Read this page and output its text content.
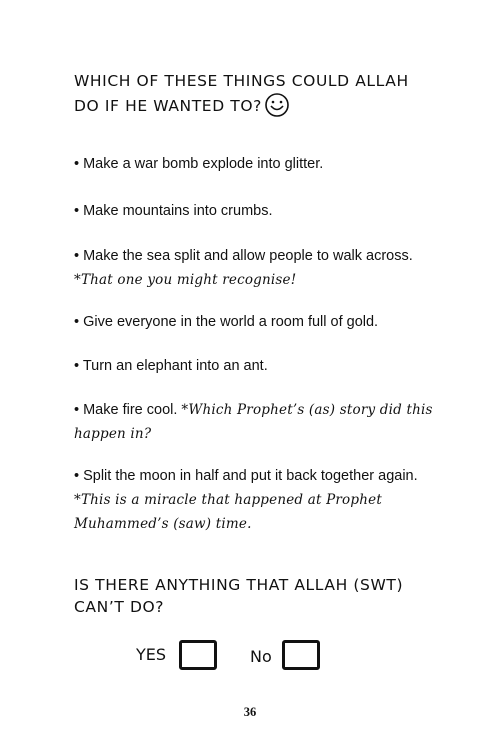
WHICH OF THESE THINGS COULD ALLAH DO IF HE WANTED TO?
• Make a war bomb explode into glitter.
• Make mountains into crumbs.
• Make the sea split and allow people to walk across. *That one you might recognise!
• Give everyone in the world a room full of gold.
• Turn an elephant into an ant.
• Make fire cool. *Which Prophet’s (as) story did this happen in?
• Split the moon in half and put it back together again. *This is a miracle that happened at Prophet Muhammed’s (saw) time.
IS THERE ANYTHING THAT ALLAH (SWT) CAN’T DO?
YES	No
36
